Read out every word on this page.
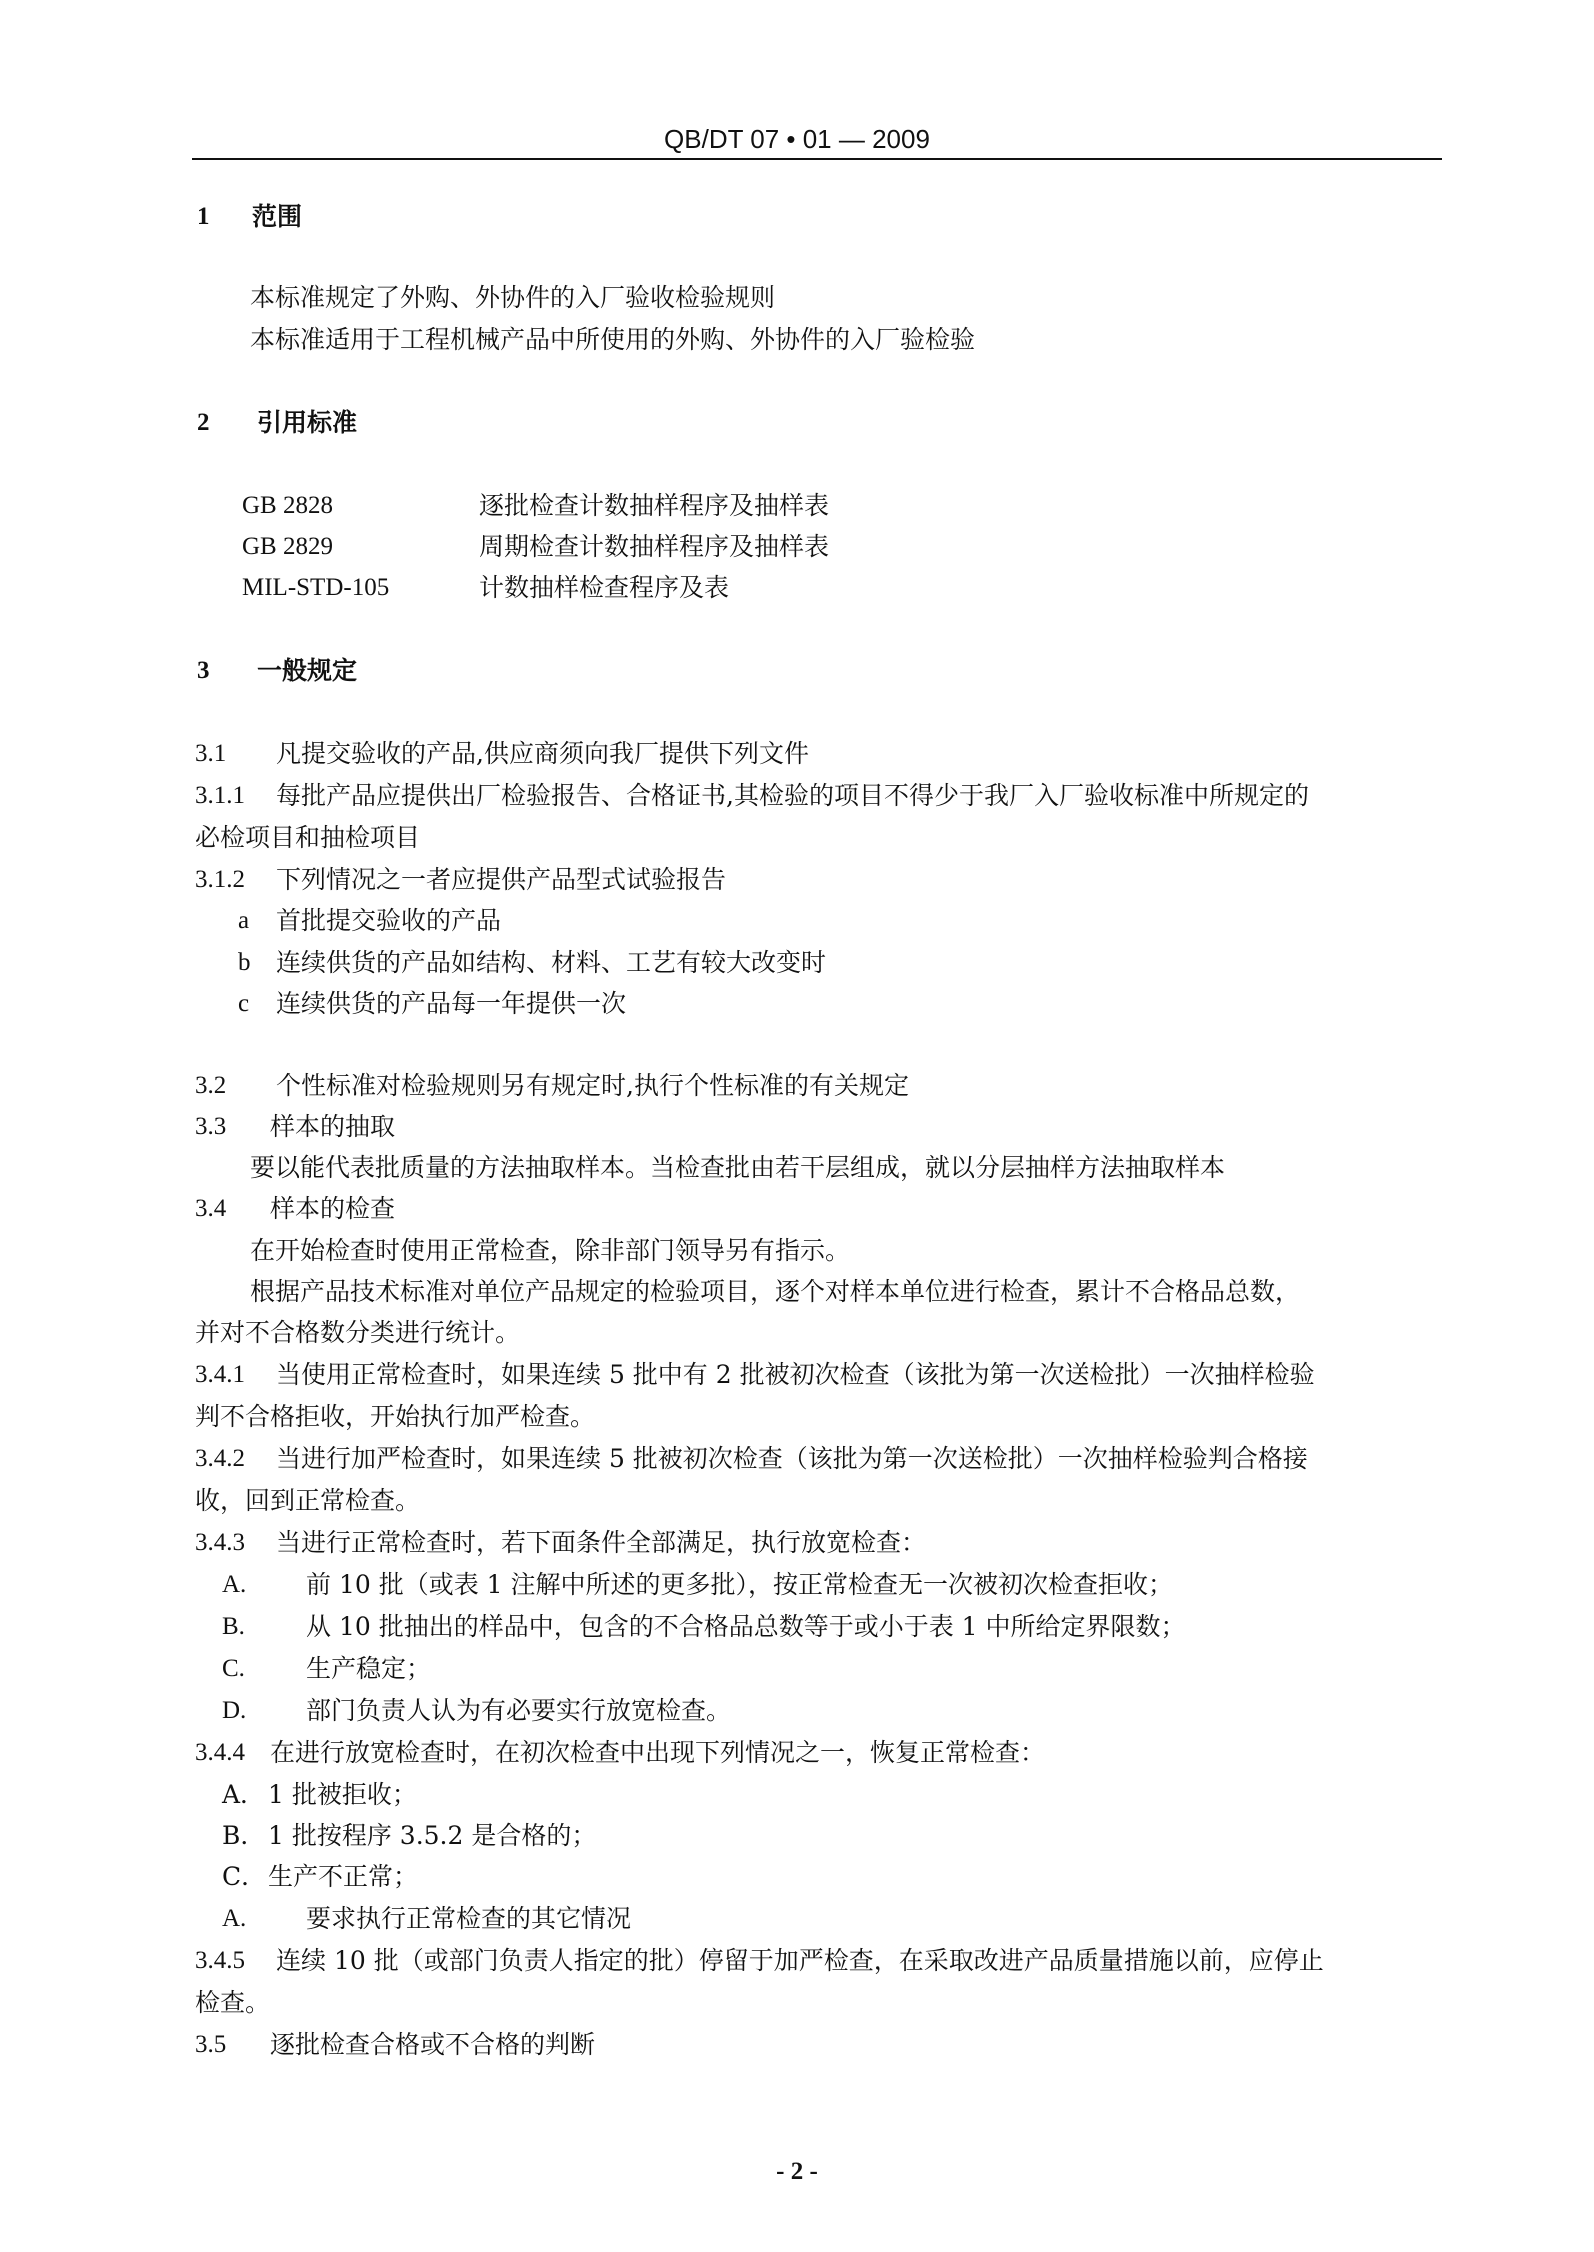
QB/DT 07 • 01 — 2009
1 范围
本标准规定了外购、外协件的入厂验收检验规则
本标准适用于工程机械产品中所使用的外购、外协件的入厂验检验
2 引用标准
GB 2828	逐批检查计数抽样程序及抽样表
GB 2829	周期检查计数抽样程序及抽样表
MIL-STD-105	计数抽样检查程序及表
3 一般规定
3.1 凡提交验收的产品,供应商须向我厂提供下列文件
3.1.1 每批产品应提供出厂检验报告、合格证书,其检验的项目不得少于我厂入厂验收标准中所规定的
必检项目和抽检项目
3.1.2 下列情况之一者应提供产品型式试验报告
a 首批提交验收的产品
b 连续供货的产品如结构、材料、工艺有较大改变时
c 连续供货的产品每一年提供一次
3.2 个性标准对检验规则另有规定时,执行个性标准的有关规定
3.3 样本的抽取
要以能代表批质量的方法抽取样本。当检查批由若干层组成，就以分层抽样方法抽取样本
3.4 样本的检查
在开始检查时使用正常检查，除非部门领导另有指示。
根据产品技术标准对单位产品规定的检验项目，逐个对样本单位进行检查，累计不合格品总数，
并对不合格数分类进行统计。
3.4.1 当使用正常检查时，如果连续 5 批中有 2 批被初次检查（该批为第一次送检批）一次抽样检验
判不合格拒收，开始执行加严检查。
3.4.2 当进行加严检查时，如果连续 5 批被初次检查（该批为第一次送检批）一次抽样检验判合格接
收，回到正常检查。
3.4.3 当进行正常检查时，若下面条件全部满足，执行放宽检查：
A. 前 10 批（或表 1 注解中所述的更多批），按正常检查无一次被初次检查拒收；
B. 从 10 批抽出的样品中，包含的不合格品总数等于或小于表 1 中所给定界限数；
C. 生产稳定；
D. 部门负责人认为有必要实行放宽检查。
3.4.4 在进行放宽检查时，在初次检查中出现下列情况之一，恢复正常检查：
A． 1 批被拒收；
B． 1 批按程序 3.5.2 是合格的；
C． 生产不正常；
A. 要求执行正常检查的其它情况
3.4.5 连续 10 批（或部门负责人指定的批）停留于加严检查，在采取改进产品质量措施以前，应停止
检查。
3.5 逐批检查合格或不合格的判断
- 2 -
